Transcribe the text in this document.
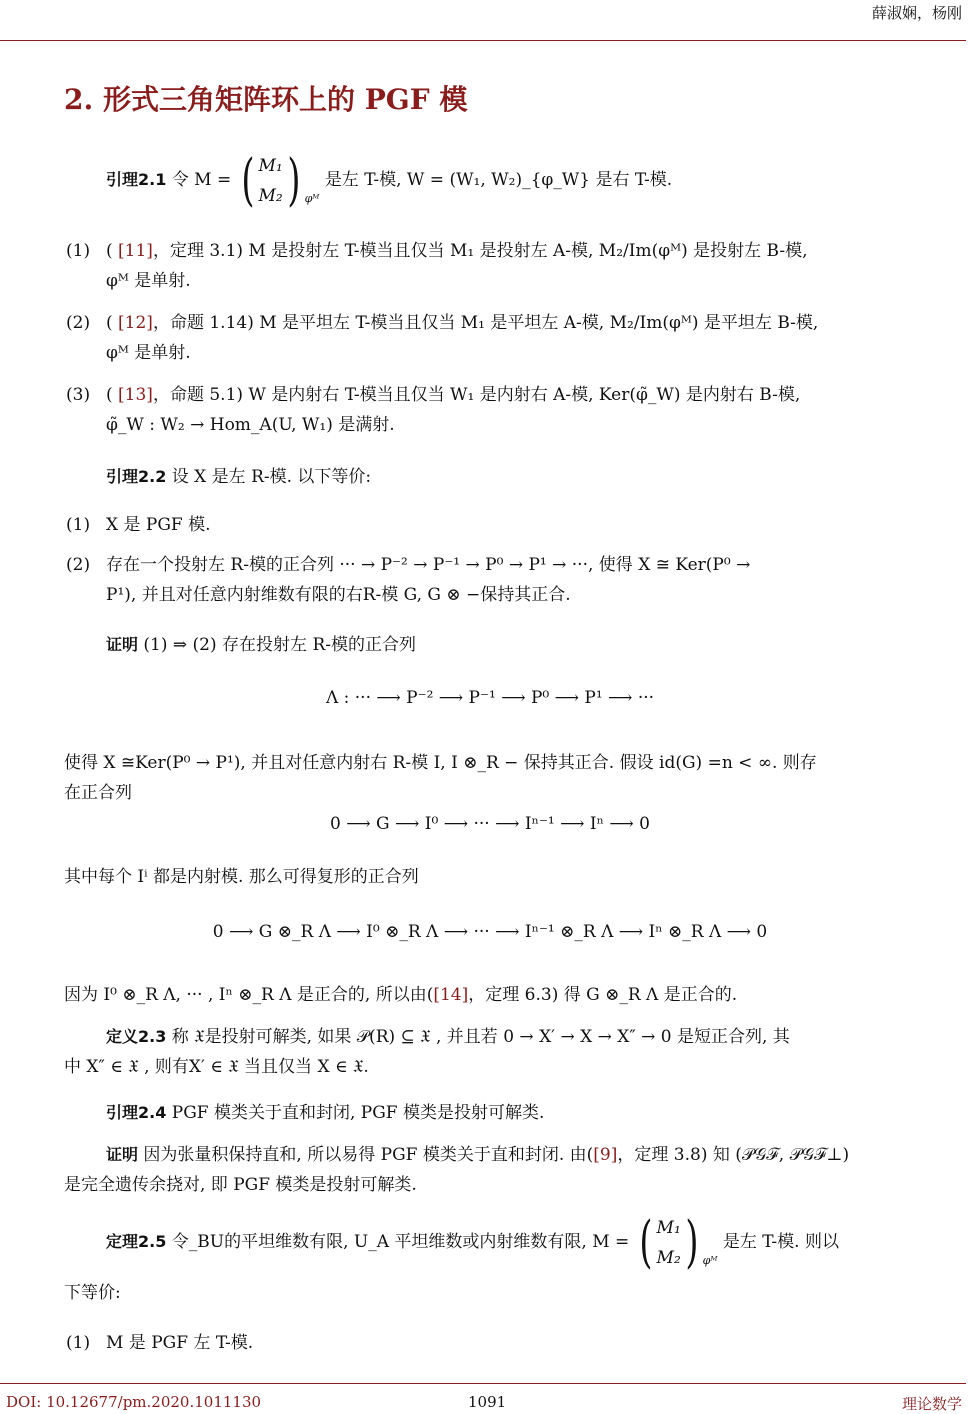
薛淑娴，杨刚
2. 形式三角矩阵环上的 PGF 模
引理2.1 令 M = ( M₁
M₂ ) φᴹ
是左 T-模, W = (W₁, W₂)_{φ_W} 是右 T-模.
(1) ( [11]，定理 3.1) M 是投射左 T-模当且仅当 M₁ 是投射左 A-模, M₂/Im(φᴹ) 是投射左 B-模,
φᴹ 是单射.
(2) ( [12]，命题 1.14) M 是平坦左 T-模当且仅当 M₁ 是平坦左 A-模, M₂/Im(φᴹ) 是平坦左 B-模,
φᴹ 是单射.
(3) ( [13]，命题 5.1) W 是内射右 T-模当且仅当 W₁ 是内射右 A-模, Ker(φ̃_W) 是内射右 B-模,
φ̃_W : W₂ → Hom_A(U, W₁) 是满射.
引理2.2 设 X 是左 R-模. 以下等价:
(1) X 是 PGF 模.
(2) 存在一个投射左 R-模的正合列 ··· → P⁻² → P⁻¹ → P⁰ → P¹ → ···, 使得 X ≅ Ker(P⁰ →
P¹), 并且对任意内射维数有限的右R-模 G, G ⊗ −保持其正合.
证明 (1) ⇒ (2) 存在投射左 R-模的正合列
Λ : ··· ⟶ P⁻² ⟶ P⁻¹ ⟶ P⁰ ⟶ P¹ ⟶ ···
使得 X ≅Ker(P⁰ → P¹), 并且对任意内射右 R-模 I, I ⊗_R − 保持其正合. 假设 id(G) =n < ∞. 则存
在正合列
0 ⟶ G ⟶ I⁰ ⟶ ··· ⟶ Iⁿ⁻¹ ⟶ Iⁿ ⟶ 0
其中每个 Iⁱ 都是内射模. 那么可得复形的正合列
0 ⟶ G ⊗_R Λ ⟶ I⁰ ⊗_R Λ ⟶ ··· ⟶ Iⁿ⁻¹ ⊗_R Λ ⟶ Iⁿ ⊗_R Λ ⟶ 0
因为 I⁰ ⊗_R Λ, ··· , Iⁿ ⊗_R Λ 是正合的, 所以由([14]，定理 6.3) 得 G ⊗_R Λ 是正合的.
定义2.3 称 𝔛是投射可解类, 如果 𝒫(R) ⊆ 𝔛 , 并且若 0 → X′ → X → X″ → 0 是短正合列, 其
中 X″ ∈ 𝔛 , 则有X′ ∈ 𝔛 当且仅当 X ∈ 𝔛.
引理2.4 PGF 模类关于直和封闭, PGF 模类是投射可解类.
证明 因为张量积保持直和, 所以易得 PGF 模类关于直和封闭. 由([9]，定理 3.8) 知 (𝒫𝒢ℱ, 𝒫𝒢ℱ⊥)
是完全遗传余挠对, 即 PGF 模类是投射可解类.
定理2.5 令_BU的平坦维数有限, U_A 平坦维数或内射维数有限, M = ( M₁
M₂ ) φᴹ
是左 T-模. 则以
下等价:
(1) M 是 PGF 左 T-模.
DOI: 10.12677/pm.2020.1011130	1091	理论数学
